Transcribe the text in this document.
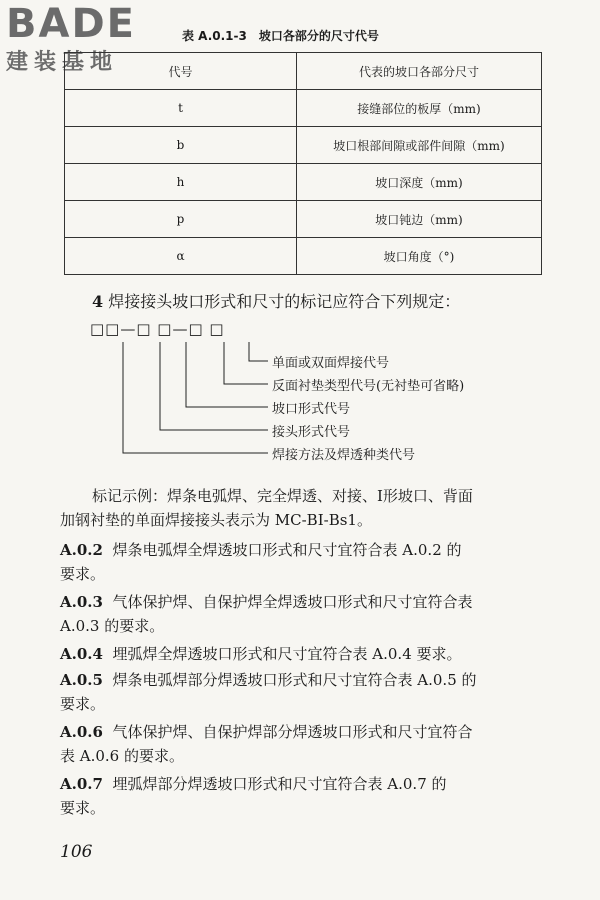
BADE
建装基地
表 A.0.1-3　坡口各部分的尺寸代号
代号	代表的坡口各部分尺寸
t	接缝部位的板厚（mm)
b	坡口根部间隙或部件间隙（mm)
h	坡口深度（mm)
p	坡口钝边（mm)
α	坡口角度（°)
4 焊接接头坡口形式和尺寸的标记应符合下列规定：
□□—□ □—□ □
单面或双面焊接代号
反面衬垫类型代号(无衬垫可省略)
坡口形式代号
接头形式代号
焊接方法及焊透种类代号
标记示例：焊条电弧焊、完全焊透、对接、Ⅰ形坡口、背面
加钢衬垫的单面焊接接头表示为 MC-BⅠ-Bs1。
A.0.2 焊条电弧焊全焊透坡口形式和尺寸宜符合表 A.0.2 的
要求。
A.0.3 气体保护焊、自保护焊全焊透坡口形式和尺寸宜符合表
A.0.3 的要求。
A.0.4 埋弧焊全焊透坡口形式和尺寸宜符合表 A.0.4 要求。
A.0.5 焊条电弧焊部分焊透坡口形式和尺寸宜符合表 A.0.5 的
要求。
A.0.6 气体保护焊、自保护焊部分焊透坡口形式和尺寸宜符合
表 A.0.6 的要求。
A.0.7 埋弧焊部分焊透坡口形式和尺寸宜符合表 A.0.7 的
要求。
106
